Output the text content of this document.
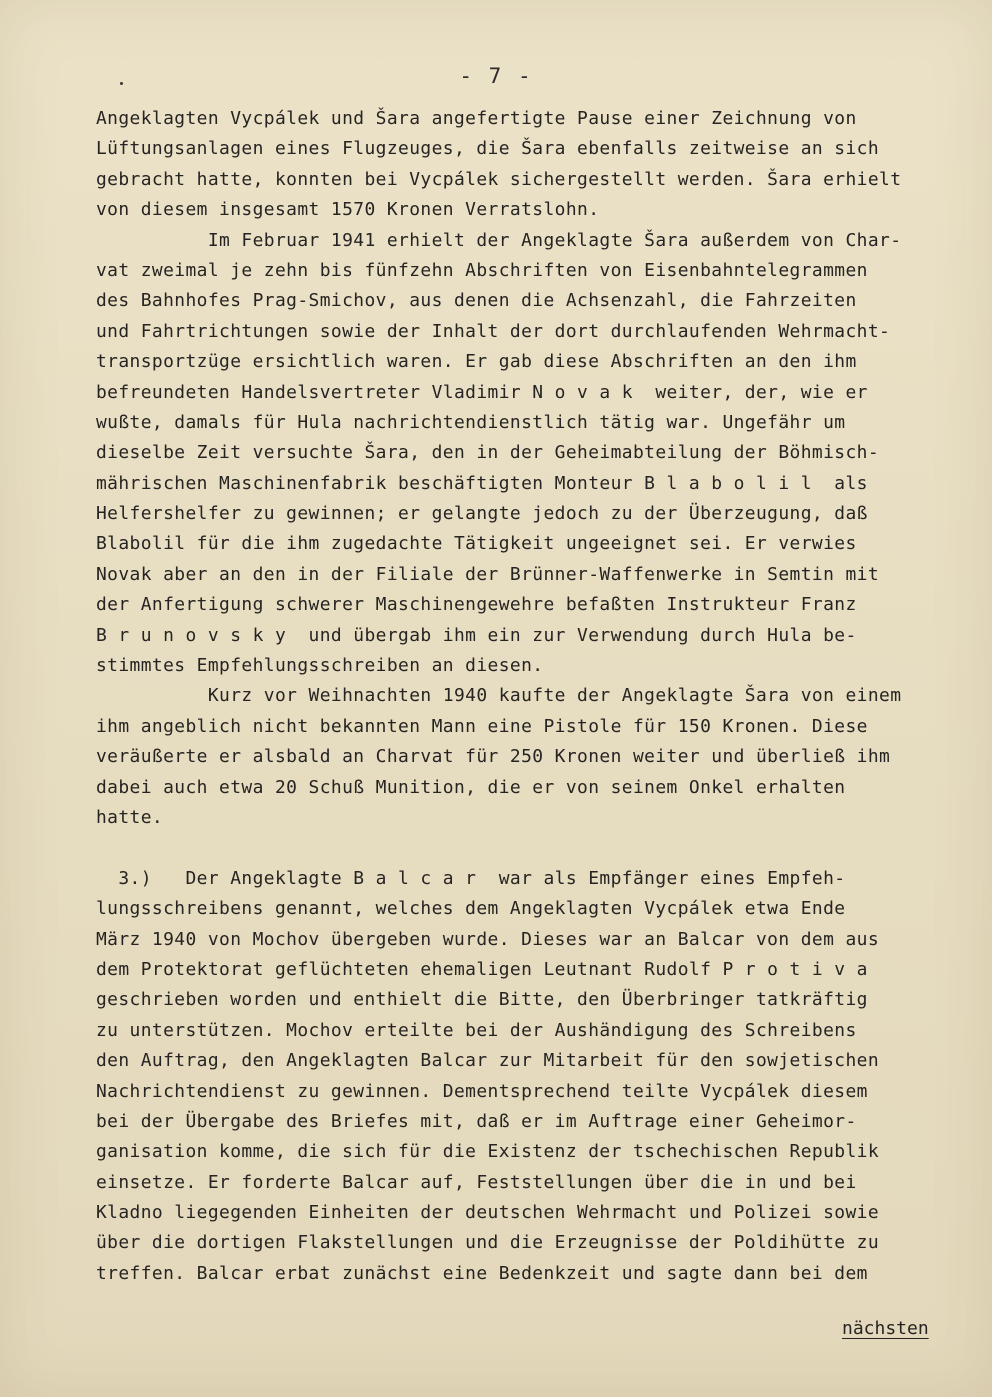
- 7 -
Angeklagten Vycpálek und Šara angefertigte Pause einer Zeichnung von
Lüftungsanlagen eines Flugzeuges, die Šara ebenfalls zeitweise an sich
gebracht hatte, konnten bei Vycpálek sichergestellt werden. Šara erhielt
von diesem insgesamt 1570 Kronen Verratslohn.
Im Februar 1941 erhielt der Angeklagte Šara außerdem von Char-
vat zweimal je zehn bis fünfzehn Abschriften von Eisenbahntelegrammen
des Bahnhofes Prag-Smichov, aus denen die Achsenzahl, die Fahrzeiten
und Fahrtrichtungen sowie der Inhalt der dort durchlaufenden Wehrmacht-
transportzüge ersichtlich waren. Er gab diese Abschriften an den ihm
befreundeten Handelsvertreter Vladimir N o v a k  weiter, der, wie er
wußte, damals für Hula nachrichtendienstlich tätig war. Ungefähr um
dieselbe Zeit versuchte Šara, den in der Geheimabteilung der Böhmisch-
mährischen Maschinenfabrik beschäftigten Monteur B l a b o l i l  als
Helfershelfer zu gewinnen; er gelangte jedoch zu der Überzeugung, daß
Blabolil für die ihm zugedachte Tätigkeit ungeeignet sei. Er verwies
Novak aber an den in der Filiale der Brünner-Waffenwerke in Semtin mit
der Anfertigung schwerer Maschinengewehre befaßten Instrukteur Franz
B r u n o v s k y  und übergab ihm ein zur Verwendung durch Hula be-
stimmtes Empfehlungsschreiben an diesen.
Kurz vor Weihnachten 1940 kaufte der Angeklagte Šara von einem
ihm angeblich nicht bekannten Mann eine Pistole für 150 Kronen. Diese
veräußerte er alsbald an Charvat für 250 Kronen weiter und überließ ihm
dabei auch etwa 20 Schuß Munition, die er von seinem Onkel erhalten
hatte.
3.)   Der Angeklagte B a l c a r  war als Empfänger eines Empfeh-
lungsschreibens genannt, welches dem Angeklagten Vycpálek etwa Ende
März 1940 von Mochov übergeben wurde. Dieses war an Balcar von dem aus
dem Protektorat geflüchteten ehemaligen Leutnant Rudolf P r o t i v a
geschrieben worden und enthielt die Bitte, den Überbringer tatkräftig
zu unterstützen. Mochov erteilte bei der Aushändigung des Schreibens
den Auftrag, den Angeklagten Balcar zur Mitarbeit für den sowjetischen
Nachrichtendienst zu gewinnen. Dementsprechend teilte Vycpálek diesem
bei der Übergabe des Briefes mit, daß er im Auftrage einer Geheimor-
ganisation komme, die sich für die Existenz der tschechischen Republik
einsetze. Er forderte Balcar auf, Feststellungen über die in und bei
Kladno liegegenden Einheiten der deutschen Wehrmacht und Polizei sowie
über die dortigen Flakstellungen und die Erzeugnisse der Poldihütte zu
treffen. Balcar erbat zunächst eine Bedenkzeit und sagte dann bei dem
nächsten
